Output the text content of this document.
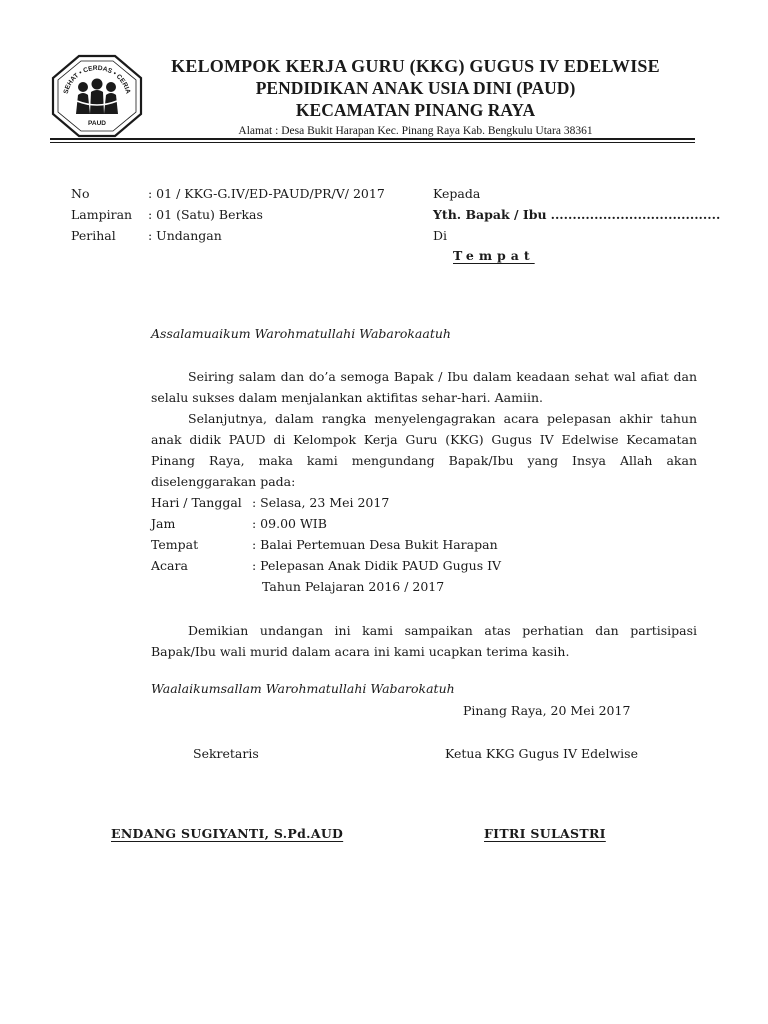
SEHAT • CERDAS • CERIA
PAUD
KELOMPOK KERJA GURU (KKG) GUGUS IV EDELWISE
PENDIDIKAN ANAK USIA DINI (PAUD)
KECAMATAN PINANG RAYA
Alamat : Desa Bukit Harapan Kec. Pinang Raya Kab. Bengkulu Utara 38361
No	: 01 / KKG-G.IV/ED-PAUD/PR/V/ 2017
Lampiran : 01 (Satu) Berkas
Perihal	: Undangan
Kepada
Yth. Bapak / Ibu .......................................
Di
Tempat
Assalamuaikum Warohmatullahi Wabarokaatuh
Seiring salam dan do’a semoga Bapak / Ibu dalam keadaan sehat wal afiat dan selalu sukses dalam menjalankan aktifitas sehar-hari. Aamiin.
Selanjutnya, dalam rangka menyelengagrakan acara pelepasan akhir tahun anak didik PAUD di Kelompok Kerja Guru (KKG) Gugus IV Edelwise Kecamatan Pinang Raya, maka kami mengundang Bapak/Ibu yang Insya Allah akan diselenggarakan pada:
Hari / Tanggal : Selasa, 23 Mei 2017
Jam	: 09.00 WIB
Tempat	: Balai Pertemuan Desa Bukit Harapan
Acara	: Pelepasan Anak Didik PAUD Gugus IV
Tahun Pelajaran 2016 / 2017
Demikian undangan ini kami sampaikan atas perhatian dan partisipasi Bapak/Ibu wali murid dalam acara ini kami ucapkan terima kasih.
Waalaikumsallam Warohmatullahi Wabarokatuh
Pinang Raya, 20 Mei 2017
Sekretaris	Ketua KKG Gugus IV Edelwise
ENDANG SUGIYANTI, S.Pd.AUD	FITRI SULASTRI
